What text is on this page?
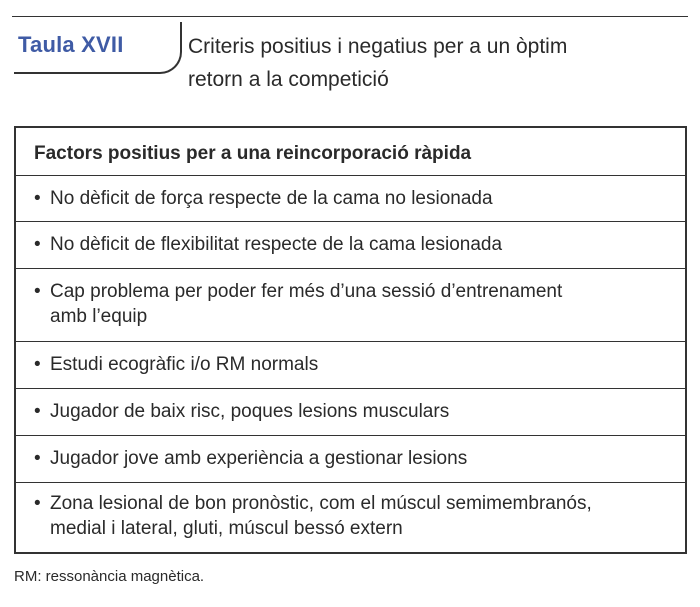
Taula XVII	Criteris positius i negatius per a un òptim
retorn a la competició
Factors positius per a una reincorporació ràpida
• No dèficit de força respecte de la cama no lesionada
• No dèficit de flexibilitat respecte de la cama lesionada
• Cap problema per poder fer més d’una sessió d’entrenament
amb l’equip
• Estudi ecogràfic i/o RM normals
• Jugador de baix risc, poques lesions musculars
• Jugador jove amb experiència a gestionar lesions
• Zona lesional de bon pronòstic, com el múscul semimembranós,
medial i lateral, gluti, múscul bessó extern
RM: ressonància magnètica.
